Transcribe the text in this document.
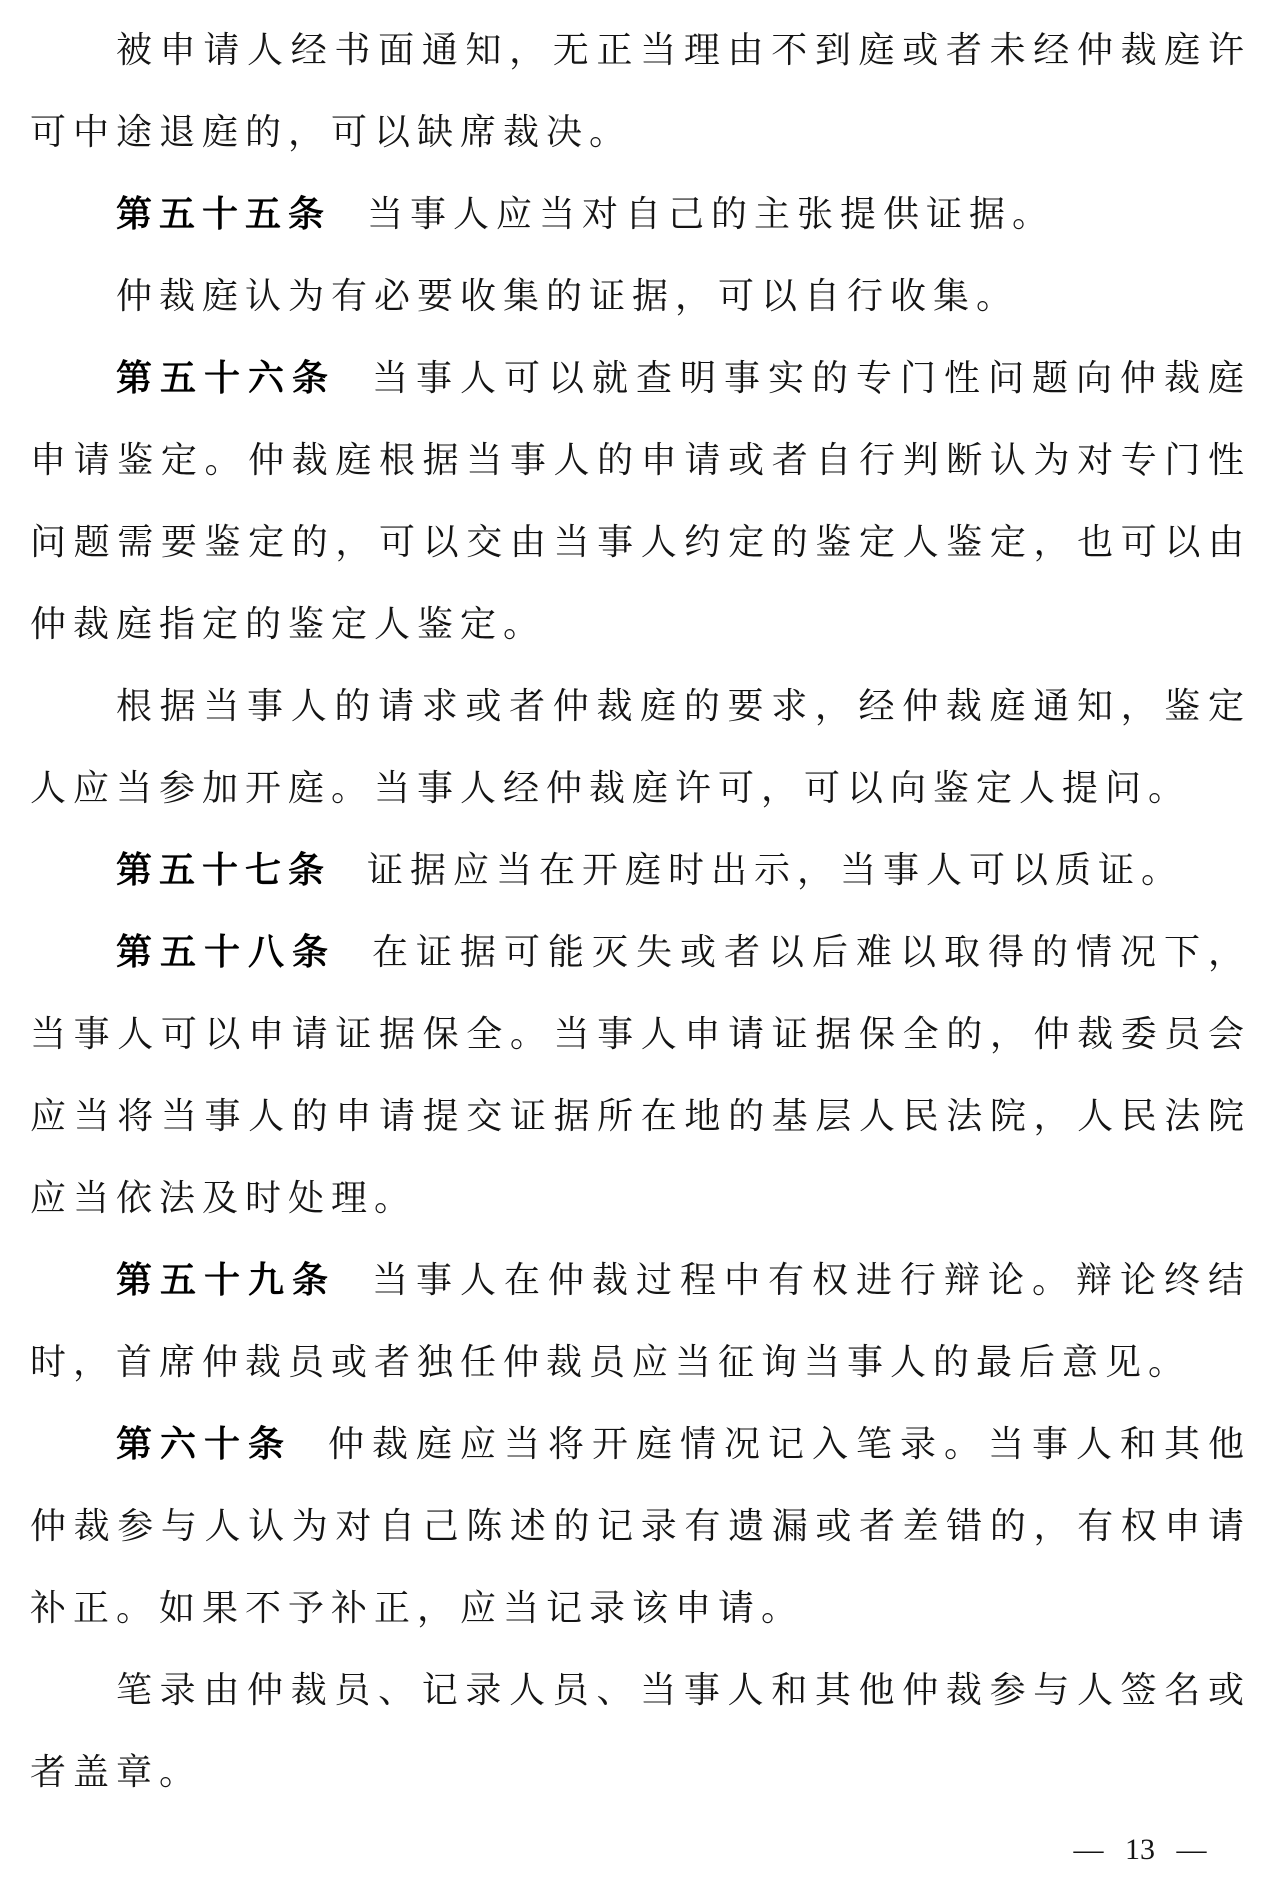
被申请人经书面通知，无正当理由不到庭或者未经仲裁庭许
可中途退庭的，可以缺席裁决。
第五十五条 当事人应当对自己的主张提供证据。
仲裁庭认为有必要收集的证据，可以自行收集。
第五十六条 当事人可以就查明事实的专门性问题向仲裁庭
申请鉴定。仲裁庭根据当事人的申请或者自行判断认为对专门性
问题需要鉴定的，可以交由当事人约定的鉴定人鉴定，也可以由
仲裁庭指定的鉴定人鉴定。
根据当事人的请求或者仲裁庭的要求，经仲裁庭通知，鉴定
人应当参加开庭。当事人经仲裁庭许可，可以向鉴定人提问。
第五十七条 证据应当在开庭时出示，当事人可以质证。
第五十八条 在证据可能灭失或者以后难以取得的情况下，
当事人可以申请证据保全。当事人申请证据保全的，仲裁委员会
应当将当事人的申请提交证据所在地的基层人民法院，人民法院
应当依法及时处理。
第五十九条 当事人在仲裁过程中有权进行辩论。辩论终结
时，首席仲裁员或者独任仲裁员应当征询当事人的最后意见。
第六十条 仲裁庭应当将开庭情况记入笔录。当事人和其他
仲裁参与人认为对自己陈述的记录有遗漏或者差错的，有权申请
补正。如果不予补正，应当记录该申请。
笔录由仲裁员、记录人员、当事人和其他仲裁参与人签名或
者盖章。
— 13 —
